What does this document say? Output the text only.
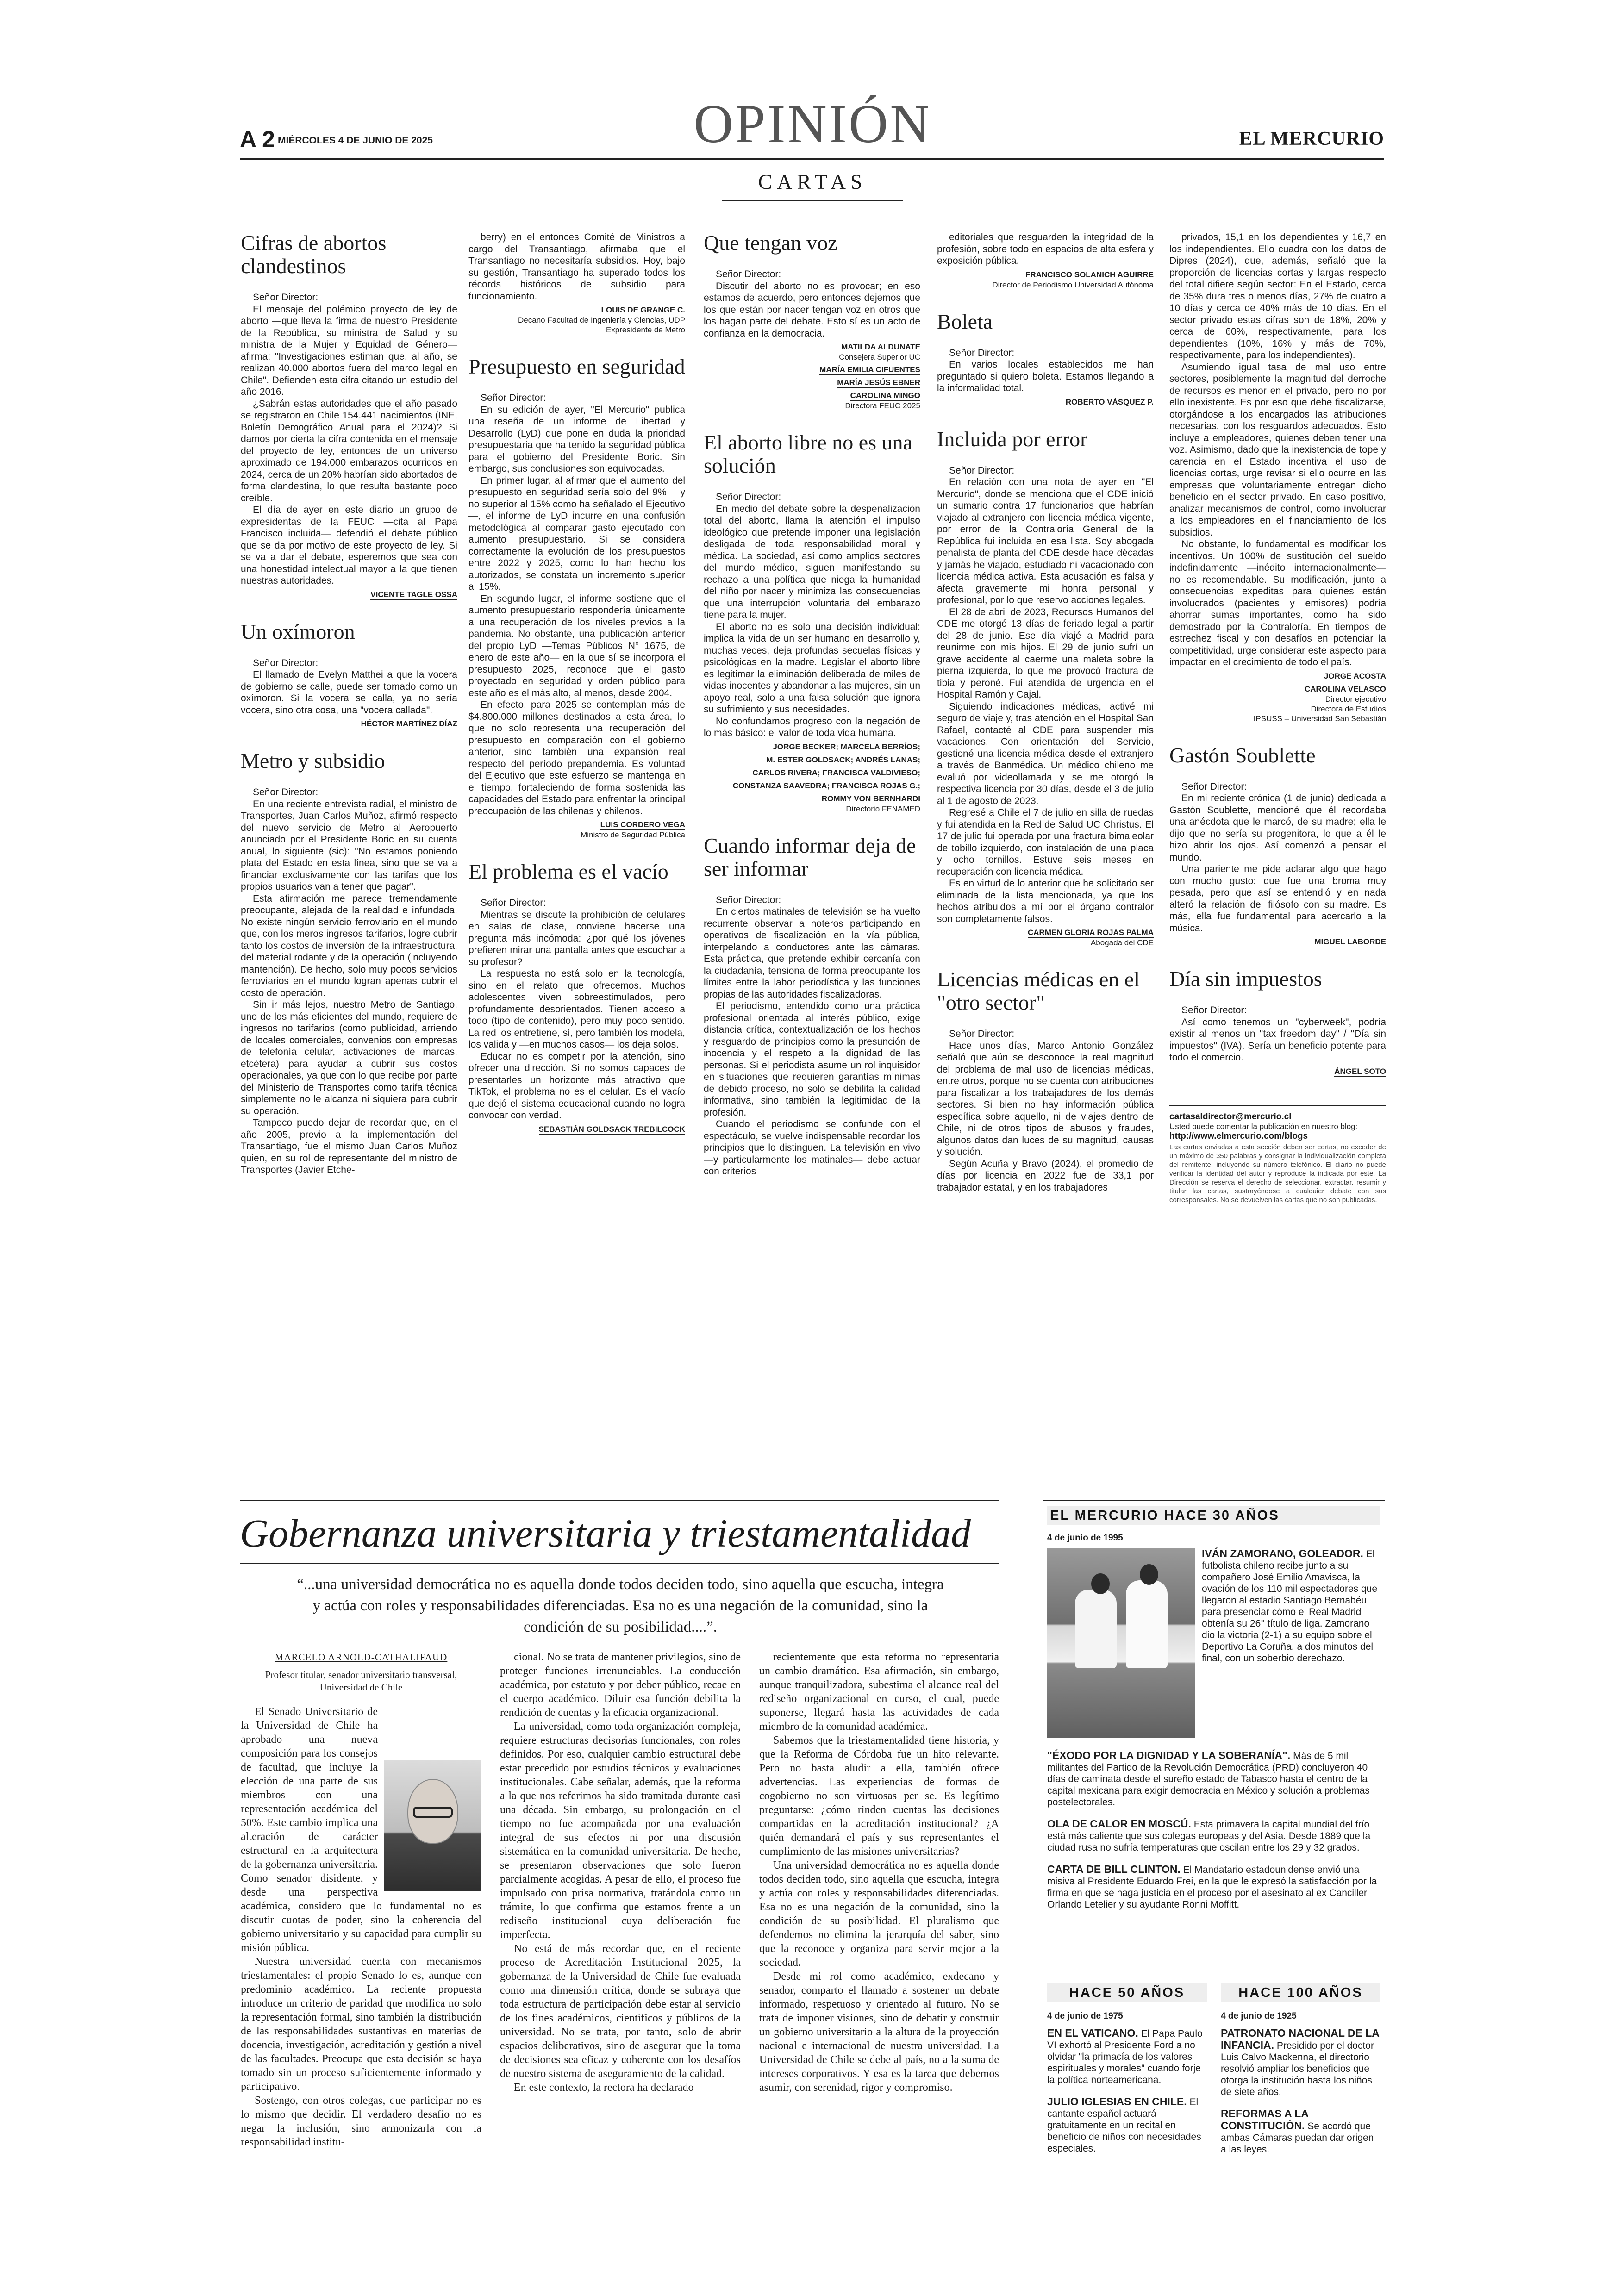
A 2 MIÉRCOLES 4 DE JUNIO DE 2025	OPINIÓN	EL MERCURIO
CARTAS
Cifras de abortos clandestinos

Señor Director:

El mensaje del polémico proyecto de ley de aborto —que lleva la firma de nuestro Presidente de la República, su ministra de Salud y su ministra de la Mujer y Equidad de Género— afirma: "Investigaciones estiman que, al año, se realizan 40.000 abortos fuera del marco legal en Chile". Defienden esta cifra citando un estudio del año 2016.

¿Sabrán estas autoridades que el año pasado se registraron en Chile 154.441 nacimientos (INE, Boletín Demográfico Anual para el 2024)? Si damos por cierta la cifra contenida en el mensaje del proyecto de ley, entonces de un universo aproximado de 194.000 embarazos ocurridos en 2024, cerca de un 20% habrían sido abortados de forma clandestina, lo que resulta bastante poco creíble.

El día de ayer en este diario un grupo de expresidentas de la FEUC —cita al Papa Francisco incluida— defendió el debate público que se da por motivo de este proyecto de ley. Si se va a dar el debate, esperemos que sea con una honestidad intelectual mayor a la que tienen nuestras autoridades.

VICENTE TAGLE OSSA
Un oxímoron

Señor Director:

El llamado de Evelyn Matthei a que la vocera de gobierno se calle, puede ser tomado como un oxímoron. Si la vocera se calla, ya no sería vocera, sino otra cosa, una "vocera callada".

HÉCTOR MARTÍNEZ DÍAZ
Metro y subsidio

Señor Director:

En una reciente entrevista radial, el ministro de Transportes, Juan Carlos Muñoz, afirmó respecto del nuevo servicio de Metro al Aeropuerto anunciado por el Presidente Boric en su cuenta anual, lo siguiente (sic): "No estamos poniendo plata del Estado en esta línea, sino que se va a financiar exclusivamente con las tarifas que los propios usuarios van a tener que pagar".

Esta afirmación me parece tremendamente preocupante, alejada de la realidad e infundada. No existe ningún servicio ferroviario en el mundo que, con los meros ingresos tarifarios, logre cubrir tanto los costos de inversión de la infraestructura, del material rodante y de la operación (incluyendo mantención). De hecho, solo muy pocos servicios ferroviarios en el mundo logran apenas cubrir el costo de operación.

Sin ir más lejos, nuestro Metro de Santiago, uno de los más eficientes del mundo, requiere de ingresos no tarifarios (como publicidad, arriendo de locales comerciales, convenios con empresas de telefonía celular, activaciones de marcas, etcétera) para ayudar a cubrir sus costos operacionales, ya que con lo que recibe por parte del Ministerio de Transportes como tarifa técnica simplemente no le alcanza ni siquiera para cubrir su operación.

Tampoco puedo dejar de recordar que, en el año 2005, previo a la implementación del Transantiago, fue el mismo Juan Carlos Muñoz quien, en su rol de representante del ministro de Transportes (Javier Etche-

berry) en el entonces Comité de Ministros a cargo del Transantiago, afirmaba que el Transantiago no necesitaría subsidios. Hoy, bajo su gestión, Transantiago ha superado todos los récords históricos de subsidio para funcionamiento.

LOUIS DE GRANGE C.
Decano Facultad de Ingeniería y Ciencias, UDP
Expresidente de Metro
Presupuesto en seguridad

Señor Director:

En su edición de ayer, "El Mercurio" publica una reseña de un informe de Libertad y Desarrollo (LyD) que pone en duda la prioridad presupuestaria que ha tenido la seguridad pública para el gobierno del Presidente Boric. Sin embargo, sus conclusiones son equivocadas.

En primer lugar, al afirmar que el aumento del presupuesto en seguridad sería solo del 9% —y no superior al 15% como ha señalado el Ejecutivo—, el informe de LyD incurre en una confusión metodológica al comparar gasto ejecutado con aumento presupuestario. Si se considera correctamente la evolución de los presupuestos entre 2022 y 2025, como lo han hecho los autorizados, se constata un incremento superior al 15%.

En segundo lugar, el informe sostiene que el aumento presupuestario respondería únicamente a una recuperación de los niveles previos a la pandemia. No obstante, una publicación anterior del propio LyD —Temas Públicos N° 1675, de enero de este año— en la que sí se incorpora el presupuesto 2025, reconoce que el gasto proyectado en seguridad y orden público para este año es el más alto, al menos, desde 2004.

En efecto, para 2025 se contemplan más de $4.800.000 millones destinados a esta área, lo que no solo representa una recuperación del presupuesto en comparación con el gobierno anterior, sino también una expansión real respecto del período prepandemia. Es voluntad del Ejecutivo que este esfuerzo se mantenga en el tiempo, fortaleciendo de forma sostenida las capacidades del Estado para enfrentar la principal preocupación de las chilenas y chilenos.

LUIS CORDERO VEGA
Ministro de Seguridad Pública
El problema es el vacío

Señor Director:

Mientras se discute la prohibición de celulares en salas de clase, conviene hacerse una pregunta más incómoda: ¿por qué los jóvenes prefieren mirar una pantalla antes que escuchar a su profesor?

La respuesta no está solo en la tecnología, sino en el relato que ofrecemos. Muchos adolescentes viven sobreestimulados, pero profundamente desorientados. Tienen acceso a todo (tipo de contenido), pero muy poco sentido. La red los entretiene, sí, pero también los modela, los valida y —en muchos casos— los deja solos.

Educar no es competir por la atención, sino ofrecer una dirección. Si no somos capaces de presentarles un horizonte más atractivo que TikTok, el problema no es el celular. Es el vacío que dejó el sistema educacional cuando no logra convocar con verdad.

SEBASTIÁN GOLDSACK TREBILCOCK
Que tengan voz

Señor Director:

Discutir del aborto no es provocar; en eso estamos de acuerdo, pero entonces dejemos que los que están por nacer tengan voz en otros que los hagan parte del debate. Esto sí es un acto de confianza en la democracia.

MATILDA ALDUNATE
Consejera Superior UC
MARÍA EMILIA CIFUENTES
MARÍA JESÚS EBNER
CAROLINA MINGO
Directora FEUC 2025
El aborto libre no es una solución

Señor Director:

En medio del debate sobre la despenalización total del aborto, llama la atención el impulso ideológico que pretende imponer una legislación desligada de toda responsabilidad moral y médica. La sociedad, así como amplios sectores del mundo médico, siguen manifestando su rechazo a una política que niega la humanidad del niño por nacer y minimiza las consecuencias que una interrupción voluntaria del embarazo tiene para la mujer.

El aborto no es solo una decisión individual: implica la vida de un ser humano en desarrollo y, muchas veces, deja profundas secuelas físicas y psicológicas en la madre. Legislar el aborto libre es legitimar la eliminación deliberada de miles de vidas inocentes y abandonar a las mujeres, sin un apoyo real, solo a una falsa solución que ignora su sufrimiento y sus necesidades.

No confundamos progreso con la negación de lo más básico: el valor de toda vida humana.

JORGE BECKER; MARCELA BERRÍOS;
M. ESTER GOLDSACK; ANDRÉS LANAS;
CARLOS RIVERA; FRANCISCA VALDIVIESO;
CONSTANZA SAAVEDRA; FRANCISCA ROJAS G.;
ROMMY VON BERNHARDI
Directorio FENAMED
Cuando informar deja de ser informar

Señor Director:

En ciertos matinales de televisión se ha vuelto recurrente observar a noteros participando en operativos de fiscalización en la vía pública, interpelando a conductores ante las cámaras. Esta práctica, que pretende exhibir cercanía con la ciudadanía, tensiona de forma preocupante los límites entre la labor periodística y las funciones propias de las autoridades fiscalizadoras.

El periodismo, entendido como una práctica profesional orientada al interés público, exige distancia crítica, contextualización de los hechos y resguardo de principios como la presunción de inocencia y el respeto a la dignidad de las personas. Si el periodista asume un rol inquisidor en situaciones que requieren garantías mínimas de debido proceso, no solo se debilita la calidad informativa, sino también la legitimidad de la profesión.

Cuando el periodismo se confunde con el espectáculo, se vuelve indispensable recordar los principios que lo distinguen. La televisión en vivo —y particularmente los matinales— debe actuar con criterios

editoriales que resguarden la integridad de la profesión, sobre todo en espacios de alta esfera y exposición pública.

FRANCISCO SOLANICH AGUIRRE
Director de Periodismo Universidad Autónoma
Boleta

Señor Director:

En varios locales establecidos me han preguntado si quiero boleta. Estamos llegando a la informalidad total.

ROBERTO VÁSQUEZ P.
Incluida por error

Señor Director:

En relación con una nota de ayer en "El Mercurio", donde se menciona que el CDE inició un sumario contra 17 funcionarios que habrían viajado al extranjero con licencia médica vigente, por error de la Contraloría General de la República fui incluida en esa lista. Soy abogada penalista de planta del CDE desde hace décadas y jamás he viajado, estudiado ni vacacionado con licencia médica activa. Esta acusación es falsa y afecta gravemente mi honra personal y profesional, por lo que reservo acciones legales.

El 28 de abril de 2023, Recursos Humanos del CDE me otorgó 13 días de feriado legal a partir del 28 de junio. Ese día viajé a Madrid para reunirme con mis hijos. El 29 de junio sufrí un grave accidente al caerme una maleta sobre la pierna izquierda, lo que me provocó fractura de tibia y peroné. Fui atendida de urgencia en el Hospital Ramón y Cajal.

Siguiendo indicaciones médicas, activé mi seguro de viaje y, tras atención en el Hospital San Rafael, contacté al CDE para suspender mis vacaciones. Con orientación del Servicio, gestioné una licencia médica desde el extranjero a través de Banmédica. Un médico chileno me evaluó por videollamada y se me otorgó la respectiva licencia por 30 días, desde el 3 de julio al 1 de agosto de 2023.

Regresé a Chile el 7 de julio en silla de ruedas y fui atendida en la Red de Salud UC Christus. El 17 de julio fui operada por una fractura bimaleolar de tobillo izquierdo, con instalación de una placa y ocho tornillos. Estuve seis meses en recuperación con licencia médica.

Es en virtud de lo anterior que he solicitado ser eliminada de la lista mencionada, ya que los hechos atribuidos a mí por el órgano contralor son completamente falsos.

CARMEN GLORIA ROJAS PALMA
Abogada del CDE
Licencias médicas en el "otro sector"

Señor Director:

Hace unos días, Marco Antonio González señaló que aún se desconoce la real magnitud del problema de mal uso de licencias médicas, entre otros, porque no se cuenta con atribuciones para fiscalizar a los trabajadores de los demás sectores. Si bien no hay información pública específica sobre aquello, ni de viajes dentro de Chile, ni de otros tipos de abusos y fraudes, algunos datos dan luces de su magnitud, causas y solución.

Según Acuña y Bravo (2024), el promedio de días por licencia en 2022 fue de 33,1 por trabajador estatal, y en los trabajadores

privados, 15,1 en los dependientes y 16,7 en los independientes. Ello cuadra con los datos de Dipres (2024), que, además, señaló que la proporción de licencias cortas y largas respecto del total difiere según sector: En el Estado, cerca de 35% dura tres o menos días, 27% de cuatro a 10 días y cerca de 40% más de 10 días. En el sector privado estas cifras son de 18%, 20% y cerca de 60%, respectivamente, para los dependientes (10%, 16% y más de 70%, respectivamente, para los independientes).

Asumiendo igual tasa de mal uso entre sectores, posiblemente la magnitud del derroche de recursos es menor en el privado, pero no por ello inexistente. Es por eso que debe fiscalizarse, otorgándose a los encargados las atribuciones necesarias, con los resguardos adecuados. Esto incluye a empleadores, quienes deben tener una voz. Asimismo, dado que la inexistencia de tope y carencia en el Estado incentiva el uso de licencias cortas, urge revisar si ello ocurre en las empresas que voluntariamente entregan dicho beneficio en el sector privado. En caso positivo, analizar mecanismos de control, como involucrar a los empleadores en el financiamiento de los subsidios.

No obstante, lo fundamental es modificar los incentivos. Un 100% de sustitución del sueldo indefinidamente —inédito internacionalmente— no es recomendable. Su modificación, junto a consecuencias expeditas para quienes están involucrados (pacientes y emisores) podría ahorrar sumas importantes, como ha sido demostrado por la Contraloría. En tiempos de estrechez fiscal y con desafíos en potenciar la competitividad, urge considerar este aspecto para impactar en el crecimiento de todo el país.

JORGE ACOSTA
CAROLINA VELASCO
Director ejecutivo
Directora de Estudios
IPSUSS – Universidad San Sebastián
Gastón Soublette

Señor Director:

En mi reciente crónica (1 de junio) dedicada a Gastón Soublette, mencioné que él recordaba una anécdota que le marcó, de su madre; ella le dijo que no sería su progenitora, lo que a él le hizo abrir los ojos. Así comenzó a pensar el mundo.

Una pariente me pide aclarar algo que hago con mucho gusto: que fue una broma muy pesada, pero que así se entendió y en nada alteró la relación del filósofo con su madre. Es más, ella fue fundamental para acercarlo a la música.

MIGUEL LABORDE
Día sin impuestos

Señor Director:

Así como tenemos un "cyberweek", podría existir al menos un "tax freedom day" / "Día sin impuestos" (IVA). Sería un beneficio potente para todo el comercio.

ÁNGEL SOTO
cartasaldirector@mercurio.cl
Usted puede comentar la publicación en nuestro blog:
http://www.elmercurio.com/blogs
Las cartas enviadas a esta sección deben ser cortas, no exceder de un máximo de 350 palabras y consignar la individualización completa del remitente, incluyendo su número telefónico. El diario no puede verificar la identidad del autor y reproduce la indicada por este. La Dirección se reserva el derecho de seleccionar, extractar, resumir y titular las cartas, sustrayéndose a cualquier debate con sus corresponsales. No se devuelven las cartas que no son publicadas.
Gobernanza universitaria y triestamentalidad
“...una universidad democrática no es aquella donde todos deciden todo, sino aquella que escucha, integra y actúa con roles y responsabilidades diferenciadas. Esa no es una negación de la comunidad, sino la condición de su posibilidad....”.
MARCELO ARNOLD-CATHALIFAUD
Profesor titular, senador universitario transversal, Universidad de Chile

El Senado Universitario de la Universidad de Chile ha aprobado una nueva composición para los consejos de facultad, que incluye la elección de una parte de sus miembros con una representación académica del 50%. Este cambio implica una alteración de carácter estructural en la arquitectura de la gobernanza universitaria. Como senador disidente, y desde una perspectiva académica, considero que lo fundamental no es discutir cuotas de poder, sino la coherencia del gobierno universitario y su capacidad para cumplir su misión pública.

Nuestra universidad cuenta con mecanismos triestamentales: el propio Senado lo es, aunque con predominio académico. La reciente propuesta introduce un criterio de paridad que modifica no solo la representación formal, sino también la distribución de las responsabilidades sustantivas en materias de docencia, investigación, acreditación y gestión a nivel de las facultades. Preocupa que esta decisión se haya tomado sin un proceso suficientemente informado y participativo.

Sostengo, con otros colegas, que participar no es lo mismo que decidir. El verdadero desafío no es negar la inclusión, sino armonizarla con la responsabilidad institu-

cional. No se trata de mantener privilegios, sino de proteger funciones irrenunciables. La conducción académica, por estatuto y por deber público, recae en el cuerpo académico. Diluir esa función debilita la rendición de cuentas y la eficacia organizacional.

La universidad, como toda organización compleja, requiere estructuras decisorias funcionales, con roles definidos. Por eso, cualquier cambio estructural debe estar precedido por estudios técnicos y evaluaciones institucionales. Cabe señalar, además, que la reforma a la que nos referimos ha sido tramitada durante casi una década. Sin embargo, su prolongación en el tiempo no fue acompañada por una evaluación integral de sus efectos ni por una discusión sistemática en la comunidad universitaria. De hecho, se presentaron observaciones que solo fueron parcialmente acogidas. A pesar de ello, el proceso fue impulsado con prisa normativa, tratándola como un trámite, lo que confirma que estamos frente a un rediseño institucional cuya deliberación fue imperfecta.

No está de más recordar que, en el reciente proceso de Acreditación Institucional 2025, la gobernanza de la Universidad de Chile fue evaluada como una dimensión crítica, donde se subraya que toda estructura de participación debe estar al servicio de los fines académicos, científicos y públicos de la universidad. No se trata, por tanto, solo de abrir espacios deliberativos, sino de asegurar que la toma de decisiones sea eficaz y coherente con los desafíos de nuestro sistema de aseguramiento de la calidad.

En este contexto, la rectora ha declarado

recientemente que esta reforma no representaría un cambio dramático. Esa afirmación, sin embargo, aunque tranquilizadora, subestima el alcance real del rediseño organizacional en curso, el cual, puede suponerse, llegará hasta las actividades de cada miembro de la comunidad académica.

Sabemos que la triestamentalidad tiene historia, y que la Reforma de Córdoba fue un hito relevante. Pero no basta aludir a ella, también ofrece advertencias. Las experiencias de formas de cogobierno no son virtuosas per se. Es legítimo preguntarse: ¿cómo rinden cuentas las decisiones compartidas en la acreditación institucional? ¿A quién demandará el país y sus representantes el cumplimiento de las misiones universitarias?

Una universidad democrática no es aquella donde todos deciden todo, sino aquella que escucha, integra y actúa con roles y responsabilidades diferenciadas. Esa no es una negación de la comunidad, sino la condición de su posibilidad. El pluralismo que defendemos no elimina la jerarquía del saber, sino que la reconoce y organiza para servir mejor a la sociedad.

Desde mi rol como académico, exdecano y senador, comparto el llamado a sostener un debate informado, respetuoso y orientado al futuro. No se trata de imponer visiones, sino de debatir y construir un gobierno universitario a la altura de la proyección nacional e internacional de nuestra universidad. La Universidad de Chile se debe al país, no a la suma de intereses corporativos. Y esa es la tarea que debemos asumir, con serenidad, rigor y compromiso.

EL MERCURIO HACE 30 AÑOS
4 de junio de 1995
IVÁN ZAMORANO, GOLEADOR. El futbolista chileno recibe junto a su compañero José Emilio Amavisca, la ovación de los 110 mil espectadores que llegaron al estadio Santiago Bernabéu para presenciar cómo el Real Madrid obtenía su 26° título de liga. Zamorano dio la victoria (2-1) a su equipo sobre el Deportivo La Coruña, a dos minutos del final, con un soberbio derechazo.

"ÉXODO POR LA DIGNIDAD Y LA SOBERANÍA". Más de 5 mil militantes del Partido de la Revolución Democrática (PRD) concluyeron 40 días de caminata desde el sureño estado de Tabasco hasta el centro de la capital mexicana para exigir democracia en México y solución a problemas postelectorales.

OLA DE CALOR EN MOSCÚ. Esta primavera la capital mundial del frío está más caliente que sus colegas europeas y del Asia. Desde 1889 que la ciudad rusa no sufría temperaturas que oscilan entre los 29 y 32 grados.

CARTA DE BILL CLINTON. El Mandatario estadounidense envió una misiva al Presidente Eduardo Frei, en la que le expresó la satisfacción por la firma en que se haga justicia en el proceso por el asesinato al ex Canciller Orlando Letelier y su ayudante Ronni Moffitt.

HACE 50 AÑOS
4 de junio de 1975

EN EL VATICANO. El Papa Paulo VI exhortó al Presidente Ford a no olvidar "la primacía de los valores espirituales y morales" cuando forje la política norteamericana.

JULIO IGLESIAS EN CHILE. El cantante español actuará gratuitamente en un recital en beneficio de niños con necesidades especiales.

HACE 100 AÑOS
4 de junio de 1925

PATRONATO NACIONAL DE LA INFANCIA. Presidido por el doctor Luis Calvo Mackenna, el directorio resolvió ampliar los beneficios que otorga la institución hasta los niños de siete años.

REFORMAS A LA CONSTITUCIÓN. Se acordó que ambas Cámaras puedan dar origen a las leyes.
